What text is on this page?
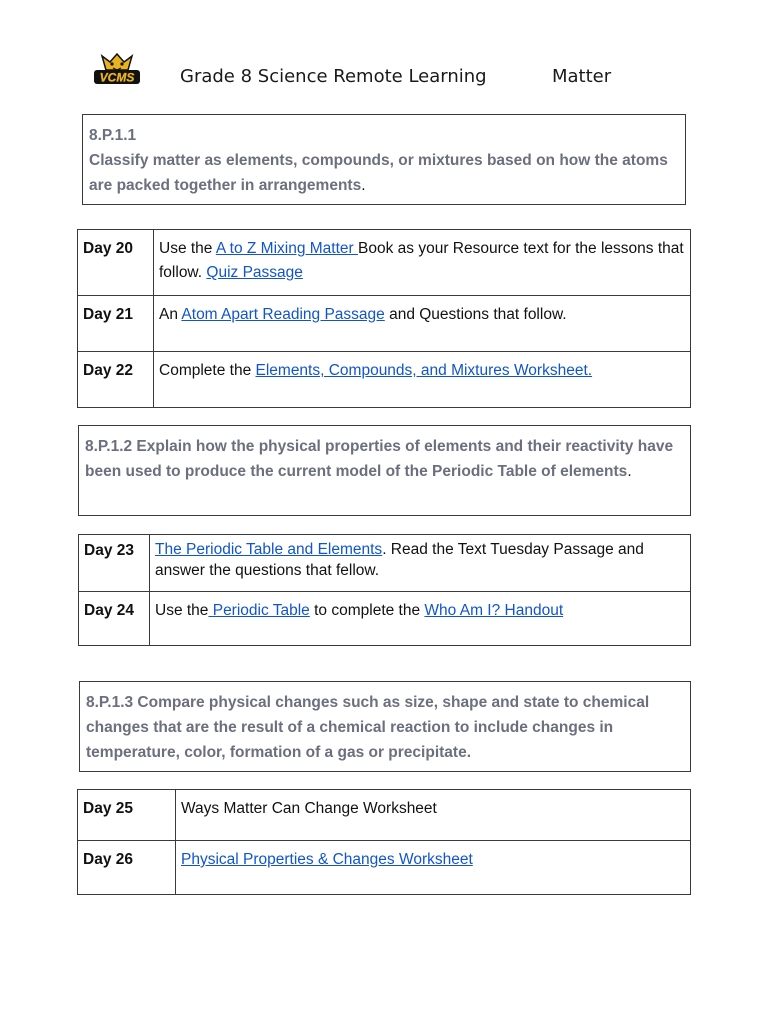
VCMS	Grade 8 Science Remote Learning	Matter
8.P.1.1
Classify matter as elements, compounds, or mixtures based on how the atoms are packed together in arrangements.
Day 20	Use the A to Z Mixing Matter Book as your Resource text for the lessons that follow. Quiz Passage
Day 21	An Atom Apart Reading Passage and Questions that follow.
Day 22	Complete the Elements, Compounds, and Mixtures Worksheet.
8.P.1.2 Explain how the physical properties of elements and their reactivity have been used to produce the current model of the Periodic Table of elements.
Day 23	The Periodic Table and Elements. Read the Text Tuesday Passage and answer the questions that fellow.
Day 24	Use the Periodic Table to complete the Who Am I? Handout
8.P.1.3 Compare physical changes such as size, shape and state to chemical changes that are the result of a chemical reaction to include changes in temperature, color, formation of a gas or precipitate.
Day 25	Ways Matter Can Change Worksheet
Day 26	Physical Properties & Changes Worksheet
